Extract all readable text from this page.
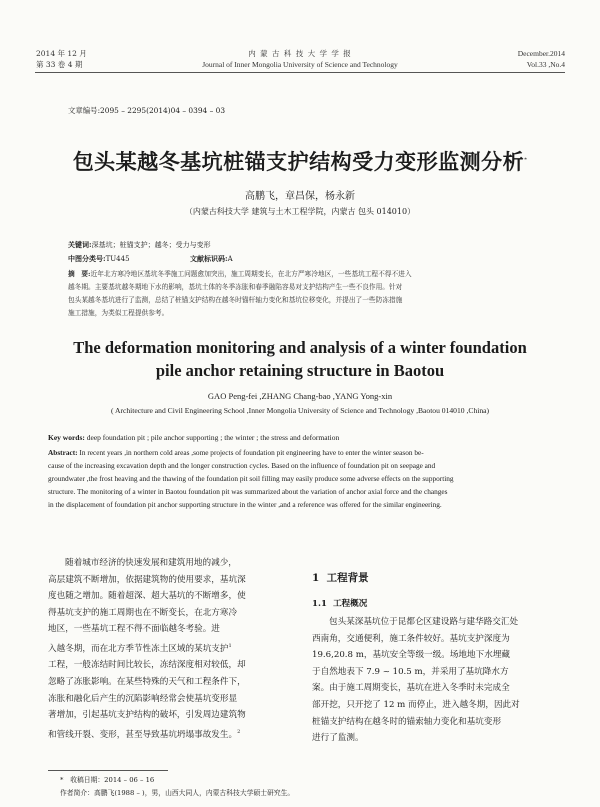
2014 年 12 月
第 33 卷 4 期
内 蒙 古 科 技 大 学 学 报
Journal of Inner Mongolia University of Science and Technology
December.2014
Vol.33 ,No.4
文章编号:2095 – 2295(2014)04 – 0394 – 03
包头某越冬基坑桩锚支护结构受力变形监测分析*
高鹏飞，章昌保，杨永新
（内蒙古科技大学 建筑与土木工程学院，内蒙古 包头 014010）
关键词:深基坑；桩锚支护；越冬；受力与变形
中图分类号:TU445	文献标识码:A
摘　要:近年北方寒冷地区基坑冬季施工问题愈加突出，施工周期变长，在北方严寒冷地区，一些基坑工程不得不进入
越冬期。主要基坑越冬期地下水的影响，基坑土体的冬季冻胀和春季融陷容易对支护结构产生一些不良作用。针对
包头某越冬基坑进行了监测，总结了桩锚支护结构在越冬时锚杆轴力变化和基坑位移变化，并提出了一些防冻措施
施工措施，为类似工程提供参考。
The deformation monitoring and analysis of a winter foundation pile anchor retaining structure in Baotou
GAO Peng-fei ,ZHANG Chang-bao ,YANG Yong-xin
( Architecture and Civil Engineering School ,Inner Mongolia University of Science and Technology ,Baotou 014010 ,China)
Key words: deep foundation pit ; pile anchor supporting ; the winter ; the stress and deformation
Abstract: In recent years ,in northern cold areas ,some projects of foundation pit engineering have to enter the winter season be-
cause of the increasing excavation depth and the longer construction cycles. Based on the influence of foundation pit on seepage and
groundwater ,the frost heaving and the thawing of the foundation pit soil filling may easily produce some adverse effects on the supporting
structure. The monitoring of a winter in Baotou foundation pit was summarized about the variation of anchor axial force and the changes
in the displacement of foundation pit anchor supporting structure in the winter ,and a reference was offered for the similar engineering.
随着城市经济的快速发展和建筑用地的减少，
高层建筑不断增加，依据建筑物的使用要求，基坑深
度也随之增加。随着超深、超大基坑的不断增多，使
得基坑支护的施工周期也在不断变长，在北方寒冷
地区，一些基坑工程不得不面临越冬考验。进
入越冬期，而在北方季节性冻土区域的某坑支护$^1$
工程，一般冻结时间比较长，冻结深度相对较低，却
忽略了冻胀影响。在某些特殊的天气和工程条件下，
冻胀和融化后产生的沉陷影响经常会使基坑变形显
著增加，引起基坑支护结构的破坏，引发周边建筑物
和管线开裂、变形，甚至导致基坑坍塌事故发生。$^2$
1 工程背景
1.1 工程概况
包头某深基坑位于昆都仑区建设路与建华路交汇处
西南角，交通便利，施工条件较好。基坑支护深度为
19.6,20.8 m，基坑安全等级一级。场地地下水埋藏
于自然地表下 7.9 ~ 10.5 m，并采用了基坑降水方
案。由于施工周期变长，基坑在进入冬季时未完成全
部开挖，只开挖了 12 m 而停止，进入越冬期，因此对
桩锚支护结构在越冬时的锚索轴力变化和基坑变形
进行了监测。
*　收稿日期：2014 – 06 – 16
作者简介：高鹏飞(1988 – )，男，山西大同人，内蒙古科技大学硕士研究生。
